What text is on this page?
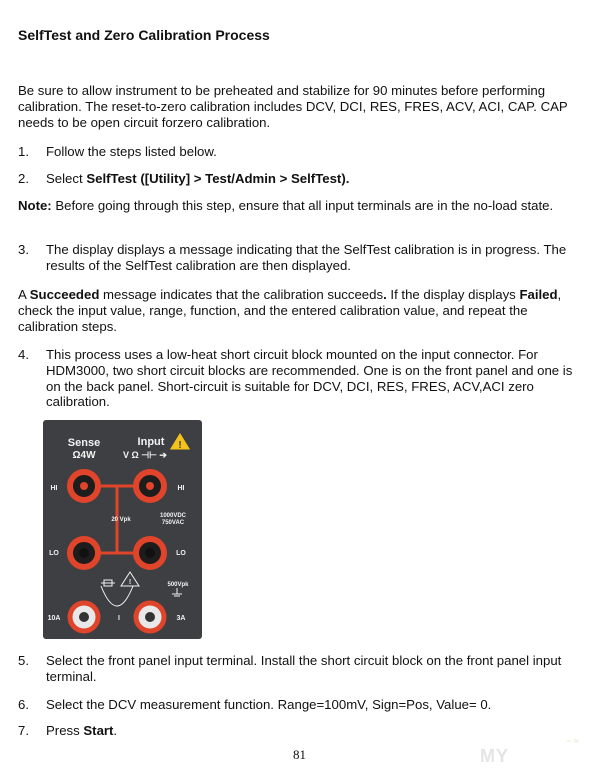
SelfTest and Zero Calibration Process
Be sure to allow instrument to be preheated and stabilize for 90 minutes before performing calibration. The reset-to-zero calibration includes DCV, DCI, RES, FRES, ACV, ACI, CAP. CAP needs to be open circuit forzero calibration.
1.	Follow the steps listed below.
2.	Select SelfTest ([Utility] > Test/Admin > SelfTest).
Note: Before going through this step, ensure that all input terminals are in the no-load state.
3.	The display displays a message indicating that the SelfTest calibration is in progress. The results of the SelfTest calibration are then displayed.
A Succeeded message indicates that the calibration succeeds. If the display displays Failed, check the input value, range, function, and the entered calibration value, and repeat the calibration steps.
4.	This process uses a low-heat short circuit block mounted on the input connector. For HDM3000, two short circuit blocks are recommended. One is on the front panel and one is on the back panel. Short-circuit is suitable for DCV, DCI, RES, FRES, ACV,ACI zero calibration.
Sense
Ω4W
Input
V Ω ⊣⊢ ➔
!
HI	HI
LO	LO
20 Vpk
1000VDC
750VAC
!	500Vpk
10A	3A
I
5.	Select the front panel input terminal. Install the short circuit block on the front panel input terminal.
6.	Select the DCV measurement function. Range=100mV, Sign=Pos, Value= 0.
7.	Press Start.
81	MY
~ ≈
